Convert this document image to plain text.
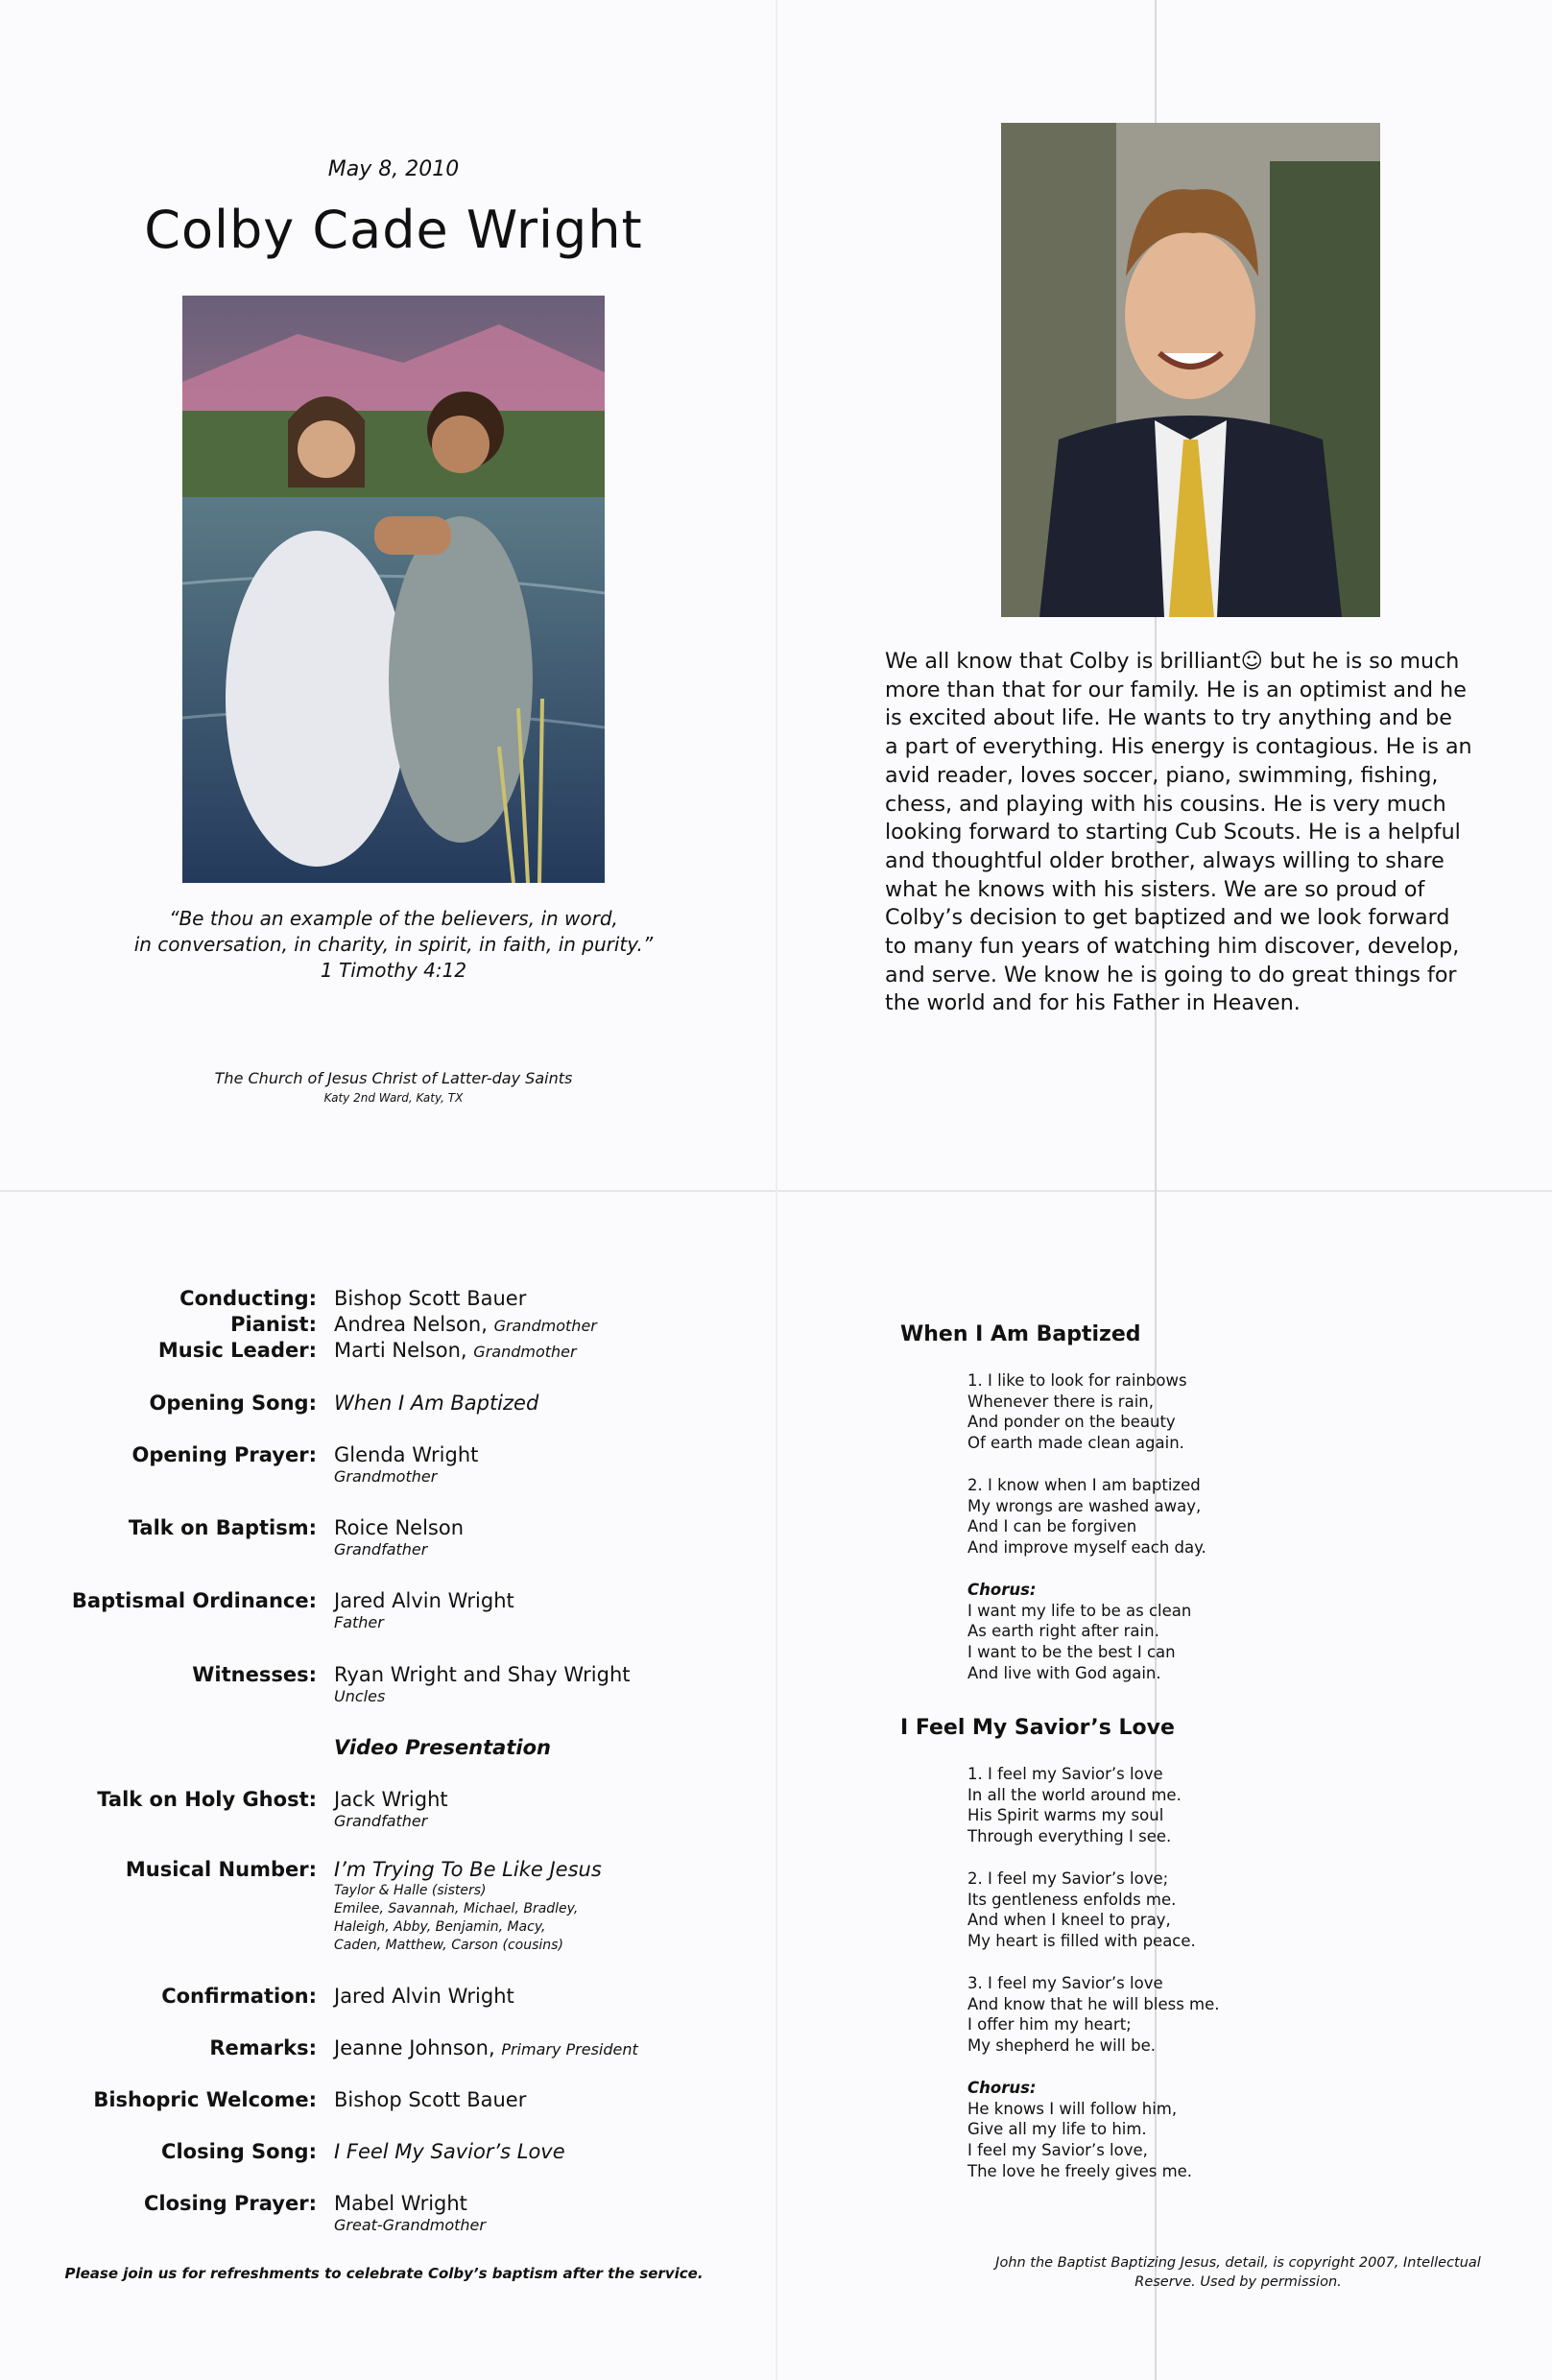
May 8, 2010
Colby Cade Wright
“Be thou an example of the believers, in word,
in conversation, in charity, in spirit, in faith, in purity.”
1 Timothy 4:12
The Church of Jesus Christ of Latter-day Saints
Katy 2nd Ward, Katy, TX
We all know that Colby is brilliant☺ but he is so much
more than that for our family. He is an optimist and he
is excited about life. He wants to try anything and be
a part of everything. His energy is contagious. He is an
avid reader, loves soccer, piano, swimming, fishing,
chess, and playing with his cousins. He is very much
looking forward to starting Cub Scouts. He is a helpful
and thoughtful older brother, always willing to share
what he knows with his sisters. We are so proud of
Colby’s decision to get baptized and we look forward
to many fun years of watching him discover, develop,
and serve. We know he is going to do great things for
the world and for his Father in Heaven.
Conducting: Bishop Scott Bauer
Pianist: Andrea Nelson, Grandmother
Music Leader: Marti Nelson, Grandmother
Opening Song: When I Am Baptized
Opening Prayer: Glenda Wright
Grandmother
Talk on Baptism: Roice Nelson
Grandfather
Baptismal Ordinance: Jared Alvin Wright
Father
Witnesses: Ryan Wright and Shay Wright
Uncles
Video Presentation
Talk on Holy Ghost: Jack Wright
Grandfather
Musical Number: I’m Trying To Be Like Jesus
Taylor & Halle (sisters)
Emilee, Savannah, Michael, Bradley,
Haleigh, Abby, Benjamin, Macy,
Caden, Matthew, Carson (cousins)
Confirmation: Jared Alvin Wright
Remarks: Jeanne Johnson, Primary President
Bishopric Welcome: Bishop Scott Bauer
Closing Song: I Feel My Savior’s Love
Closing Prayer: Mabel Wright
Great-Grandmother
Please join us for refreshments to celebrate Colby’s baptism after the service.
When I Am Baptized
1. I like to look for rainbows
Whenever there is rain,
And ponder on the beauty
Of earth made clean again.
2. I know when I am baptized
My wrongs are washed away,
And I can be forgiven
And improve myself each day.
Chorus:
I want my life to be as clean
As earth right after rain.
I want to be the best I can
And live with God again.
I Feel My Savior’s Love
1. I feel my Savior’s love
In all the world around me.
His Spirit warms my soul
Through everything I see.
2. I feel my Savior’s love;
Its gentleness enfolds me.
And when I kneel to pray,
My heart is filled with peace.
3. I feel my Savior’s love
And know that he will bless me.
I offer him my heart;
My shepherd he will be.
Chorus:
He knows I will follow him,
Give all my life to him.
I feel my Savior’s love,
The love he freely gives me.
John the Baptist Baptizing Jesus, detail, is copyright 2007, Intellectual
Reserve. Used by permission.
